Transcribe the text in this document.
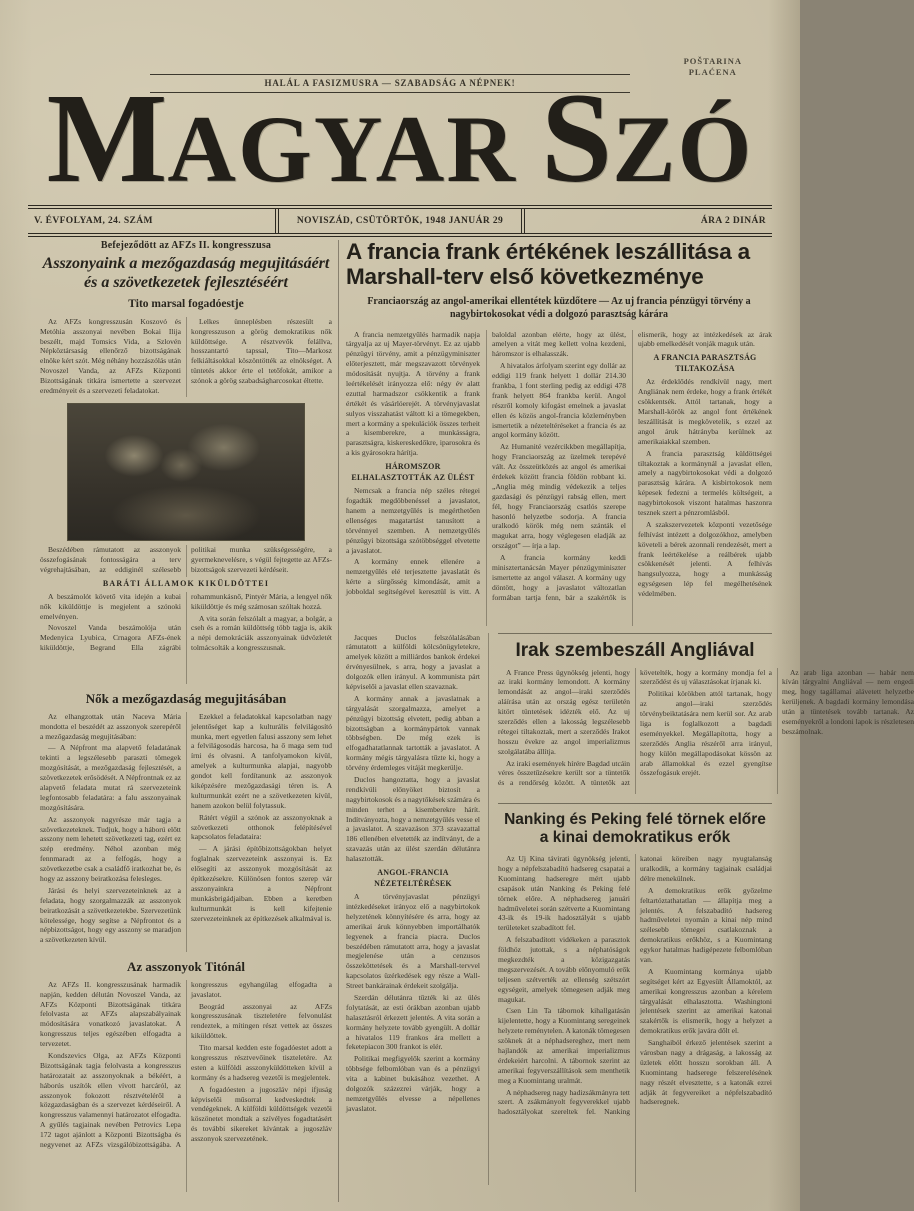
POŠTARINA
PLAĆENA
HALÁL A FASIZMUSRA — SZABADSÁG A NÉPNEK!
MAGYAR SZÓ
V. ÉVFOLYAM, 24. SZÁM	NOVISZÁD, CSÜTÖRTÖK, 1948 JANUÁR 29	ÁRA 2 DINÁR
Befejeződött az AFZs II. kongresszusa
Asszonyaink a mezőgazdaság megujitásáért és a szövetkezetek fejlesztéséért
Tito marsal fogadóestje

Az AFZs kongresszusán Koszovó és Metóhia asszonyai nevében Bokai Ilija beszélt, majd Tomsics Vida, a Szlovén Népköztársaság ellenőrző bizottságának elnöke kért szót. Még néhány hozzászólás után Novoszel Vanda, az AFZs Központi Bizottságának titkára ismertette a szervezet eredményeit és a szervezeti feladatokat.

Lelkes ünneplésben részesült a kongresszuson a görög demokratikus nők küldöttsége. A résztvevők felállva, hosszantartó tapssal, Tito—Markosz felkiáltásokkal köszöntötték az elnökséget. A tüntetés akkor érte el tetőfokát, amikor a szónok a görög szabadságharcosokat éltette.

Beszédében rámutatott az asszonyok összefogásának fontosságára a terv végrehajtásában, az eddiginél szélesebb politikai munka szükségességére, a gyermeknevelésre, s végül fejtegette az AFZs-bizottságok szervezeti kérdéseit.

BARÁTI ÁLLAMOK KIKÜLDÖTTEI

A beszámolót követő vita idején a kubai nők kiküldöttje is megjelent a szónoki emelvényen.

Novoszel Vanda beszámolója után Medenyica Lyubica, Crnagora AFZs-ének kiküldöttje, Begrand Ella zágrábi rohammunkásnő, Pintyér Mária, a lengyel nők kiküldöttje és még számosan szóltak hozzá.

A vita során felszólalt a magyar, a bolgár, a cseh és a román küldöttség több tagja is, akik a népi demokráciák asszonyainak üdvözletét tolmácsolták a kongresszusnak.

Nők a mezőgazdaság megujitásában

Az elhangzottak után Naceva Mária mondotta el beszédét az asszonyok szerepéről a mezőgazdaság megujitásában:

— A Népfront ma alapvető feladatának tekinti a legszélesebb paraszti tömegek mozgósítását, a mezőgazdaság fejlesztését, a szövetkezetek erősödését. A Népfrontnak ez az alapvető feladata mutat rá szervezeteink legfontosabb feladatára: a falu asszonyainak mozgósítására.

Az asszonyok nagyrésze már tagja a szövetkezeteknek. Tudjuk, hogy a háború előtt asszony nem lehetett szövetkezeti tag, ezért ez szép eredmény. Néhol azonban még fennmaradt az a felfogás, hogy a szövetkezetbe csak a családfő iratkozhat be, és hogy az asszony beiratkozása felesleges.

Járási és helyi szervezeteinknek az a feladata, hogy szorgalmazzák az asszonyok beiratkozását a szövetkezetekbe. Szervezetünk kötelessége, hogy segítse a Népfrontot és a népbizottságot, hogy egy asszony se maradjon a szövetkezeten kívül.

Ezekkel a feladatokkal kapcsolatban nagy jelentőséget kap a kulturális felvilágosító munka, mert egyetlen falusi asszony sem lehet a felvilágosodás harcosa, ha ő maga sem tud írni és olvasni. A tanfolyamokon kívül, amelyek a kulturmunka alapjai, nagyobb gondot kell fordítanunk az asszonyok kiképzésére mezőgazdasági téren is. A kulturmunkát ezért ne a szövetkezeten kívül, hanem azokon belül folytassuk.

Rátért végül a szónok az asszonyoknak a szövetkezeti otthonok felépítésével kapcsolatos feladataira:

— A járási építőbizottságokban helyet foglalnak szervezeteink asszonyai is. Ez elősegíti az asszonyok mozgósítását az építkezésekre. Különösen fontos szerep vár asszonyainkra a Népfront munkásbrigádjaiban. Ebben a keretben kulturmunkát is kell kifejtenie szervezeteinknek az építkezések alkalmával is.

Az asszonyok Titónál

Az AFZs II. kongresszusának harmadik napján, kedden délután Novoszel Vanda, az AFZs Központi Bizottságának titkára felolvasta az AFZs alapszabályainak módosítására vonatkozó javaslatokat. A kongresszus teljes egészében elfogadta a tervezetet.

Kondszevics Olga, az AFZs Központi Bizottságának tagja felolvasta a kongresszus határozatait az asszonyoknak a békéért, a háborús uszítók ellen vívott harcáról, az asszonyok fokozott résztvételéről a közgazdaságban és a szervezet kérdéseiről. A kongresszus valamennyi határozatot elfogadta. A gyűlés tagjainak nevében Petrovics Lepa 172 tagot ajánlott a Központi Bizottságba és negyvenet az AFZs vizsgálóbizottságába. A kongresszus egyhangúlag elfogadta a javaslatot.

Beográd asszonyai az AFZs kongresszusának tiszteletére felvonulást rendeztek, a mítingen részt vettek az összes kiküldöttek.

Tito marsal kedden este fogadóestet adott a kongresszus résztvevőinek tiszteletére. Az esten a külföldi asszonyküldötteken kívül a kormány és a hadsereg vezetői is megjelentek.

A fogadóesten a jugoszláv népi ifjuság képviselői műsorral kedveskedtek a vendégeknek. A külföldi küldöttségek vezetői köszönetet mondtak a szívélyes fogadtatásért és további sikereket kívántak a jugoszláv asszonyok szervezetének.

A francia frank értékének leszállitása a Marshall-terv első következménye
Franciaország az angol-amerikai ellentétek küzdőtere — Az uj francia pénzügyi törvény a nagybirtokosokat védi a dolgozó parasztság kárára

A francia nemzetgyűlés harmadik napja tárgyalja az uj Mayer-törvényt. Ez az ujabb pénzügyi törvény, amit a pénzügyminiszter előterjesztett, már megszavazott törvények módosítását nyujtja. A törvény a frank leértékelését irányozza elő: négy év alatt ezuttal harmadszor csökkentik a frank értékét és vásárlóerejét. A törvényjavaslat sulyos visszahatást váltott ki a tömegekben, mert a kormány a spekulációk összes terheit a kisemberekre, a munkásságra, parasztságra, kiskereskedőkre, iparosokra és a kis gyárosokra hárítja.

HÁROMSZOR ELHALASZTOTTÁK AZ ÜLÉST

Nemcsak a francia nép széles rétegei fogadták megdöbbenéssel a javaslatot, hanem a nemzetgyűlés is megérthetően ellenséges magatartást tanusított a törvénnyel szemben. A nemzetgyűlés pénzügyi bizottsága szótöbbséggel elvetette a javaslatot.

A kormány ennek ellenére a nemzetgyűlés elé terjesztette javaslatát és kérte a sürgősség kimondását, amit a jobboldal segítségével keresztül is vitt. A baloldal azonban elérte, hogy az ülést, amelyen a vitát meg kellett volna kezdeni, háromszor is elhalasszák.

A hivatalos árfolyam szerint egy dollár az eddigi 119 frank helyett 1 dollár 214.30 frankba, 1 font sterling pedig az eddigi 478 frank helyett 864 frankba kerül. Angol részről komoly kifogást emelnek a javaslat ellen és közös angol-francia közleményben ismertetik a nézeteltéréseket a francia és az angol kormány között.

Az Humanité vezércikkben megállapítja, hogy Franciaország az üzelmek terepévé vált. Az összeütközés az angol és amerikai érdekek között francia földön robbant ki. „Anglia még mindig védekezik a teljes gazdasági és pénzügyi rabság ellen, mert fél, hogy Franciaország csatlós szerepe hasonló helyzetbe sodorja. A francia uralkodó körök még nem szánták el magukat arra, hogy véglegesen eladják az országot” — írja a lap.

A francia kormány keddi minisztertanácsán Mayer pénzügyminiszter ismertette az angol választ. A kormány ugy döntött, hogy a javaslatot változatlan formában tartja fenn, bár a szakértők is elismerik, hogy az intézkedések az árak ujabb emelkedését vonják maguk után.

A FRANCIA PARASZTSÁG TILTAKOZÁSA

Az érdeklődés rendkívül nagy, mert Angliának nem érdeke, hogy a frank értékét csökkentsék. Attól tartanak, hogy a Marshall-körök az angol font értékének leszállítását is megkövetelik, s ezzel az angol áruk hátrányba kerülnek az amerikaiakkal szemben.

A francia parasztság küldöttségei tiltakoztak a kormánynál a javaslat ellen, amely a nagybirtokosokat védi a dolgozó parasztság kárára. A kisbirtokosok nem képesek fedezni a termelés költségeit, a nagybirtokosok viszont hatalmas haszonra tesznek szert a pénzromlásból.

A szakszervezetek központi vezetősége felhívást intézett a dolgozókhoz, amelyben követeli a bérek azonnali rendezését, mert a frank leértékelése a reálbérek ujabb csökkenését jelenti. A felhívás hangsulyozza, hogy a munkásság egységesen lép fel megélhetésének védelmében.

Jacques Duclos felszólalásában rámutatott a külföldi kölcsönügyletekre, amelyek között a milliárdos bankok érdekei érvényesülnek, s arra, hogy a javaslat a dolgozók ellen irányul. A kommunista párt képviselői a javaslat ellen szavaznak.

A kormány annak a javaslatnak a tárgyalását szorgalmazza, amelyet a pénzügyi bizottság elvetett, pedig abban a bizottságban a kormánypártok vannak többségben. De még ezek is elfogadhatatlannak tartották a javaslatot. A kormány mégis tárgyalásra tűzte ki, hogy a törvény érdemleges vitáját megkerülje.

Duclos hangoztatta, hogy a javaslat rendkívüli előnyöket biztosít a nagybirtokosok és a nagytőkések számára és minden terhet a kisemberekre hárít. Indítványozta, hogy a nemzetgyűlés vesse el a javaslatot. A szavazáson 373 szavazattal 186 ellenében elvetették az indítványt, de a szavazás után az ülést szerdán délutánra halasztották.

ANGOL-FRANCIA NÉZETELTÉRÉSEK

A törvényjavaslat pénzügyi intézkedéseket irányoz elő a nagybirtokok helyzetének könnyítésére és arra, hogy az amerikai áruk könnyebben importálhatók legyenek a francia piacra. Duclos beszédében rámutatott arra, hogy a javaslat megjelenése után a cenzusos összeköttetések és a Marshall-tervvel kapcsolatos üzérkedések egy része a Wall-Street bankárainak érdekeit szolgálja.

Szerdán délutánra tűzték ki az ülés folytatását, az esti órákban azonban ujabb halasztásról érkezett jelentés. A vita során a kormány helyzete tovább gyengült. A dollár a hivatalos 119 frankos ára mellett a feketepiacon 300 frankot is elér.

Politikai megfigyelők szerint a kormány többsége felbomlóban van és a pénzügyi vita a kabinet bukásához vezethet. A dolgozók százezrei várják, hogy a nemzetgyűlés elvesse a népellenes javaslatot.

Irak szembeszáll Angliával

A France Press ügynökség jelenti, hogy az iraki kormány lemondott. A kormány lemondását az angol—iraki szerződés aláírása után az ország egész területén kitört tüntetések idézték elő. Az uj szerződés ellen a lakosság legszélesebb rétegei tiltakoztak, mert a szerződés Irakot hosszu évekre az angol imperializmus szolgálatába állítja.

Az iraki események hírére Bagdad utcáin véres összetűzésekre került sor a tüntetők és a rendőrség között. A tüntetők azt követelték, hogy a kormány mondja fel a szerződést és uj választásokat írjanak ki.

Politikai körökben attól tartanak, hogy az angol—iraki szerződés törvénybeiktatására nem kerül sor. Az arab liga is foglalkozott a bagdadi eseményekkel. Megállapította, hogy a szerződés Anglia részéről arra irányul, hogy külön megállapodásokat kössön az arab államokkal és ezzel gyengítse összefogásuk erejét.

Az arab liga azonban — habár nem kíván tárgyalni Angliával — nem engedi meg, hogy tagállamai alávetett helyzetbe kerüljenek. A bagdadi kormány lemondása után a tüntetések tovább tartanak. Az eseményekről a londoni lapok is részletesen beszámolnak.

Nanking és Peking felé törnek előre a kinai demokratikus erők

Az Uj Kina távirati ügynökség jelenti, hogy a népfelszabadító hadsereg csapatai a Kuomintang hadseregre mért ujabb csapások után Nanking és Peking felé törnek előre. A néphadsereg januári hadműveletei során szétverte a Kuomintang 43-ik és 19-ik hadosztályát s ujabb területeket szabadított fel.

A felszabadított vidékeken a parasztok földhöz jutottak, s a néphatóságok megkezdték a közigazgatás megszervezését. A tovább előnyomuló erők teljesen szétverték az ellenség szétszórt egységeit, amelyek tömegesen adják meg magukat.

Csen Lin Ta tábornok kihallgatásán kijelentette, hogy a Kuomintang seregeinek helyzete reménytelen. A katonák tömegesen szöknek át a néphadsereghez, mert nem hajlandók az amerikai imperializmus érdekeiért harcolni. A tábornok szerint az amerikai fegyverszállítások sem menthetik meg a Kuomintang uralmát.

A néphadsereg nagy hadizsákmányra tett szert. A zsákmányolt fegyverekkel ujabb hadosztályokat szereltek fel. Nanking katonai köreiben nagy nyugtalanság uralkodik, a kormány tagjainak családjai délre menekülnek.

A demokratikus erők győzelme feltartóztathatatlan — állapítja meg a jelentés. A felszabadító hadsereg hadműveletei nyomán a kinai nép mind szélesebb tömegei csatlakoznak a demokratikus erőkhöz, s a Kuomintang egykor hatalmas hadigépezete felbomlóban van.

A Kuomintang kormánya ujabb segítséget kért az Egyesült Államoktól, az amerikai kongresszus azonban a kérelem tárgyalását elhalasztotta. Washingtoni jelentések szerint az amerikai katonai szakértők is elismerik, hogy a helyzet a demokratikus erők javára dőlt el.

Sanghaiból érkező jelentések szerint a városban nagy a drágaság, a lakosság az üzletek előtt hosszu sorokban áll. A Kuomintang hadserege felszerelésének nagy részét elvesztette, s a katonák ezrei adják át fegyvereiket a népfelszabadító hadseregnek.
